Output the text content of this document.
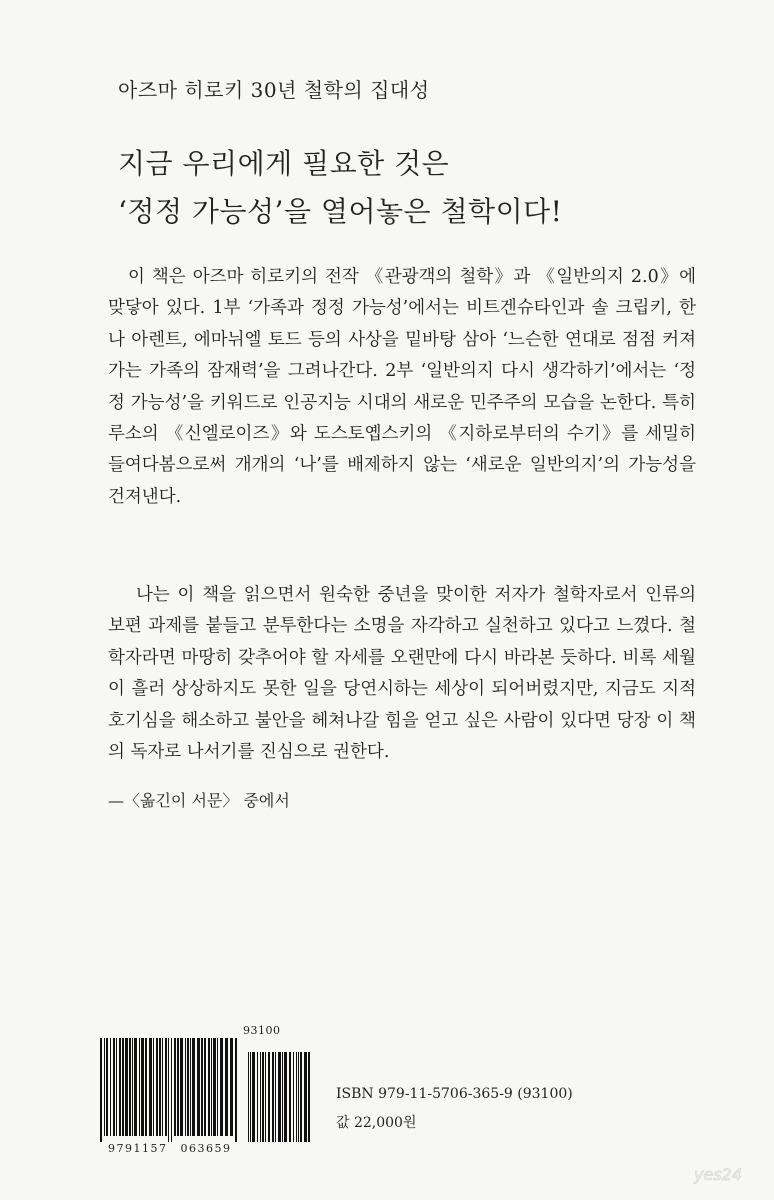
아즈마 히로키 30년 철학의 집대성
지금 우리에게 필요한 것은
‘정정 가능성’을 열어놓은 철학이다!

이 책은 아즈마 히로키의 전작 《관광객의 철학》과 《일반의지 2.0》에 맞닿아 있다. 1부 ‘가족과 정정 가능성’에서는 비트겐슈타인과 솔 크립키, 한나 아렌트, 에마뉘엘 토드 등의 사상을 밑바탕 삼아 ‘느슨한 연대로 점점 커져가는 가족의 잠재력’을 그려나간다. 2부 ‘일반의지 다시 생각하기’에서는 ‘정정 가능성’을 키워드로 인공지능 시대의 새로운 민주주의 모습을 논한다. 특히 루소의 《신엘로이즈》와 도스토옙스키의 《지하로부터의 수기》를 세밀히 들여다봄으로써 개개의 ‘나’를 배제하지 않는 ‘새로운 일반의지’의 가능성을 건져낸다.

나는 이 책을 읽으면서 원숙한 중년을 맞이한 저자가 철학자로서 인류의 보편 과제를 붙들고 분투한다는 소명을 자각하고 실천하고 있다고 느꼈다. 철학자라면 마땅히 갖추어야 할 자세를 오랜만에 다시 바라본 듯하다. 비록 세월이 흘러 상상하지도 못한 일을 당연시하는 세상이 되어버렸지만, 지금도 지적 호기심을 해소하고 불안을 헤쳐나갈 힘을 얻고 싶은 사람이 있다면 당장 이 책의 독자로 나서기를 진심으로 권한다.

—〈옮긴이 서문〉 중에서
93100
9791157 063659
ISBN 979-11-5706-365-9 (93100)
값 22,000원
yes24
